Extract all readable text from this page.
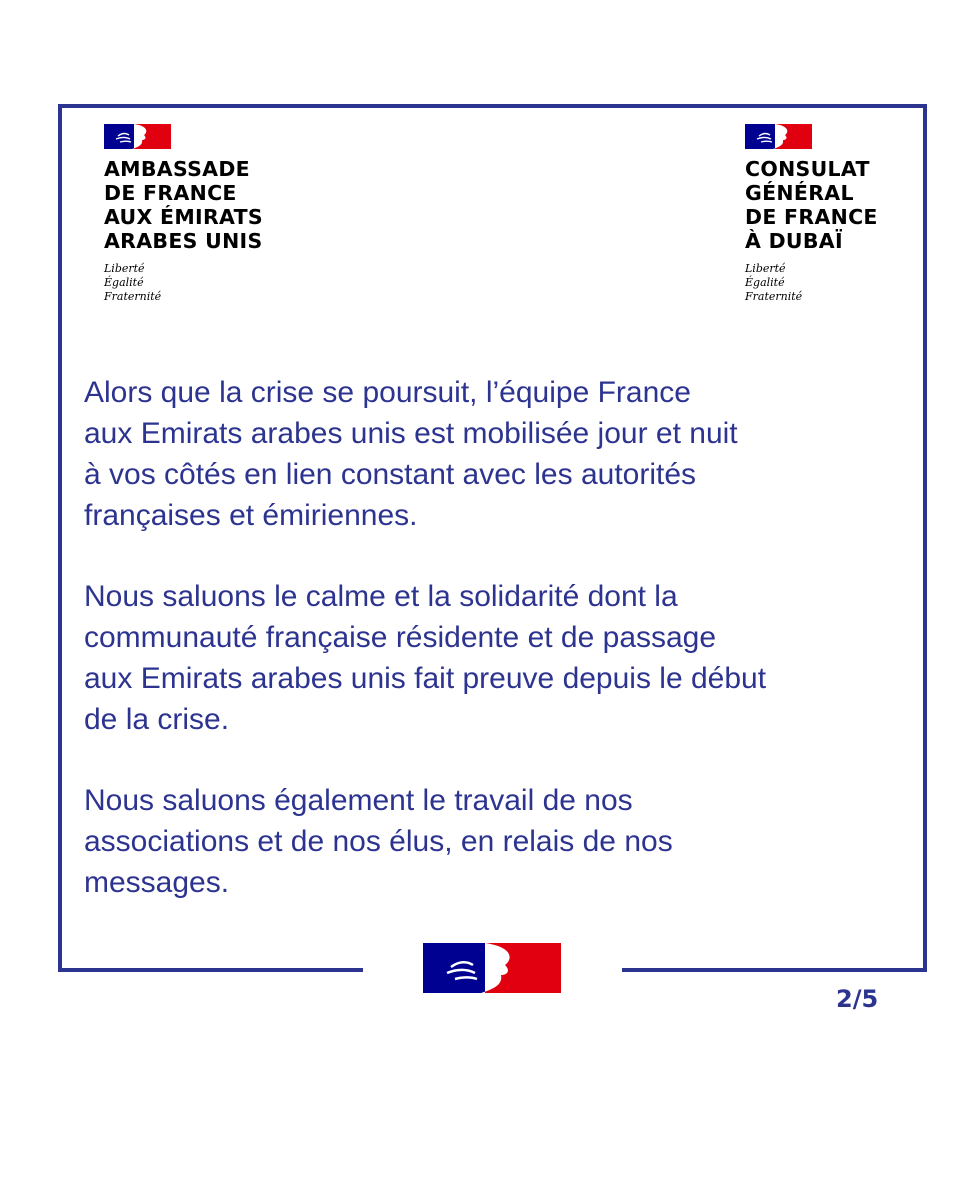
AMBASSADE
DE FRANCE
AUX ÉMIRATS
ARABES UNIS
Liberté
Égalité
Fraternité
CONSULAT
GÉNÉRAL
DE FRANCE
À DUBAÏ
Liberté
Égalité
Fraternité
Alors que la crise se poursuit, l’équipe France
aux Emirats arabes unis est mobilisée jour et nuit
à vos côtés en lien constant avec les autorités
françaises et émiriennes.
Nous saluons le calme et la solidarité dont la
communauté française résidente et de passage
aux Emirats arabes unis fait preuve depuis le début
de la crise.
Nous saluons également le travail de nos
associations et de nos élus, en relais de nos
messages.
2/5
